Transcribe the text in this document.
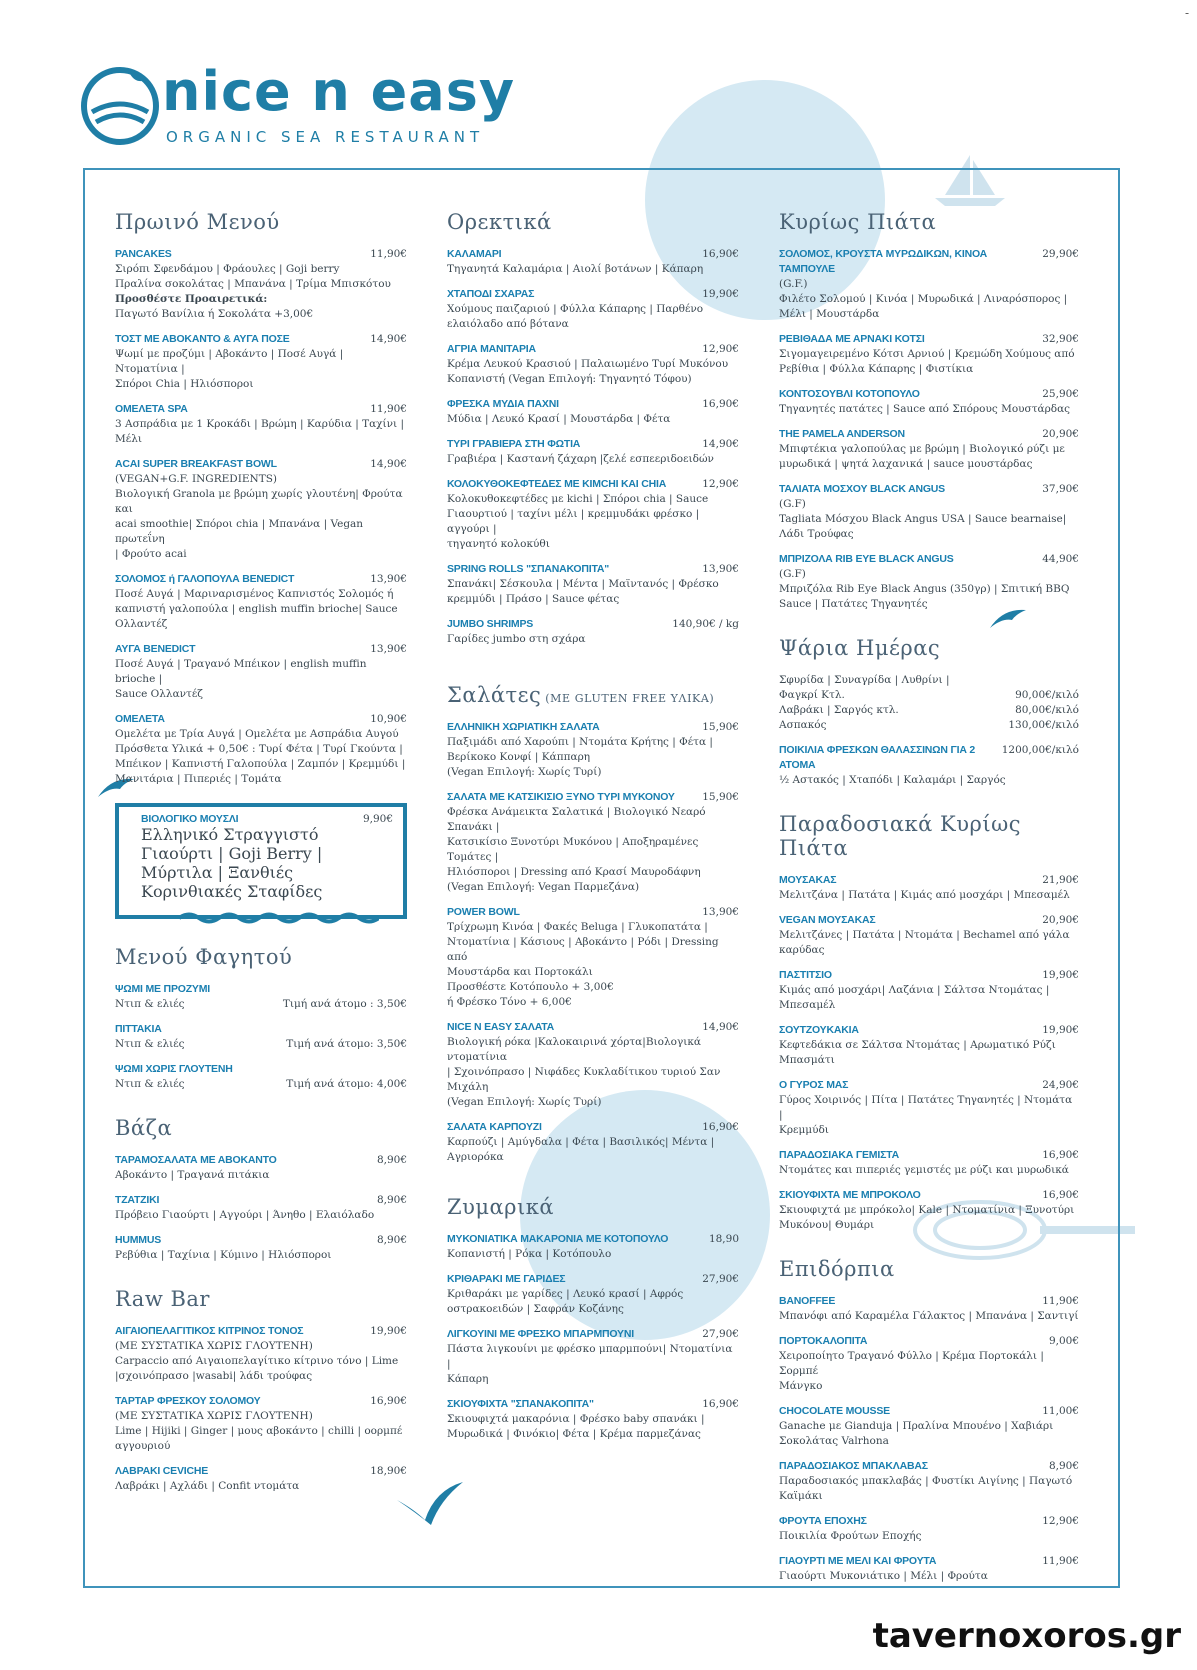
nice n easy
ORGANIC SEA RESTAURANT
Πρωινό Μενού
PANCAKES	11,90€
Σιρόπι Σφενδάμου | Φράουλες | Goji berry
Πραλίνα σοκολάτας | Μπανάνα | Τρίμα Μπισκότου
Προσθέστε Προαιρετικά:
Παγωτό Βανίλια ή Σοκολάτα +3,00€
ΤΟΣΤ ΜΕ ΑΒΟΚΑΝΤΟ & ΑΥΓΑ ΠΟΣΕ	14,90€
Ψωμί με προζύμι | Αβοκάντο | Ποσέ Αυγά | Ντοματίνια |
Σπόροι Chia | Ηλιόσποροι
ΟΜΕΛΕΤΑ SPA	11,90€
3 Ασπράδια με 1 Κροκάδι | Βρώμη | Καρύδια | Ταχίνι |
Μέλι
ACAI SUPER BREAKFAST BOWL	14,90€
(VEGAN+G.F. INGREDIENTS)
Βιολογική Granola με βρώμη χωρίς γλουτένη| Φρούτα και
acai smoothie| Σπόροι chia | Μπανάνα | Vegan πρωτεΐνη
| Φρούτο acai
ΣΟΛΟΜΟΣ ή ΓΑΛΟΠΟΥΛΑ BENEDICT	13,90€
Ποσέ Αυγά | Μαριναρισμένος Καπνιστός Σολομός ή
καπνιστή γαλοπούλα | english muffin brioche| Sauce
Ολλαντέζ
ΑΥΓΑ BENEDICT	13,90€
Ποσέ Αυγά | Τραγανό Μπέικον | english muffin brioche |
Sauce Ολλαντέζ
ΟΜΕΛΕΤΑ	10,90€
Ομελέτα με Τρία Αυγά | Ομελέτα με Ασπράδια Αυγού
Πρόσθετα Υλικά + 0,50€ : Τυρί Φέτα | Τυρί Γκούντα |
Μπέικον | Καπνιστή Γαλοπούλα | Ζαμπόν | Κρεμμύδι |
Μανιτάρια | Πιπεριές | Τομάτα
ΒΙΟΛΟΓΙΚΟ ΜΟΥΣΛΙ	9,90€
Ελληνικό Στραγγιστό Γιαούρτι | Goji Berry |
Μύρτιλα | Ξανθιές Κορινθιακές Σταφίδες
Μενού Φαγητού
ΨΩΜΙ ΜΕ ΠΡΟΖΥΜΙ
Ντιπ & ελιές	Τιμή ανά άτομο : 3,50€
ΠΙΤΤΑΚΙΑ
Ντιπ & ελιές	Τιμή ανά άτομο: 3,50€
ΨΩΜΙ ΧΩΡΙΣ ΓΛΟΥΤΕΝΗ
Ντιπ & ελιές	Τιμή ανά άτομο: 4,00€
Βάζα
ΤΑΡΑΜΟΣΑΛΑΤΑ ΜΕ ΑΒΟΚΑΝΤΟ	8,90€
Αβοκάντο | Τραγανά πιτάκια
ΤΖΑΤΖΙΚΙ	8,90€
Πρόβειο Γιαούρτι | Αγγούρι | Άνηθο | Ελαιόλαδο
HUMMUS	8,90€
Ρεβύθια | Ταχίνια | Κύμινο | Ηλιόσποροι
Raw Bar
ΑΙΓΑΙΟΠΕΛΑΓΙΤΙΚΟΣ ΚΙΤΡΙΝΟΣ ΤΟΝΟΣ	19,90€
(ΜΕ ΣΥΣΤΑΤΙΚΑ ΧΩΡΙΣ ΓΛΟΥΤΕΝΗ)
Carpaccio από Αιγαιοπελαγίτικο κίτρινο τόνο | Lime
|σχοινόπρασο |wasabi| λάδι τρούφας
ΤΑΡΤΑΡ ΦΡΕΣΚΟΥ ΣΟΛΟΜΟΥ	16,90€
(ΜΕ ΣΥΣΤΑΤΙΚΑ ΧΩΡΙΣ ΓΛΟΥΤΕΝΗ)
Lime | Hijiki | Ginger | μους αβοκάντο | chilli | οορμπέ
αγγουριού
ΛΑΒΡΑΚΙ CEVICHE	18,90€
Λαβράκι | Αχλάδι | Confit ντομάτα
Ορεκτικά
ΚΑΛΑΜΑΡΙ	16,90€
Τηγανητά Καλαμάρια | Αιολί βοτάνων | Κάπαρη
ΧΤΑΠΟΔΙ ΣΧΑΡΑΣ	19,90€
Χούμους παιζαριού | Φύλλα Κάπαρης | Παρθένο
ελαιόλαδο από βότανα
ΑΓΡΙΑ ΜΑΝΙΤΑΡΙΑ	12,90€
Κρέμα Λευκού Κρασιού | Παλαιωμένο Τυρί Μυκόνου
Κοπανιστή (Vegan Επιλογή: Τηγανητό Τόφου)
ΦΡΕΣΚΑ ΜΥΔΙΑ ΠΑΧΝΙ	16,90€
Μύδια | Λευκό Κρασί | Μουστάρδα | Φέτα
ΤΥΡΙ ΓΡΑΒΙΕΡΑ ΣΤΗ ΦΩΤΙΑ	14,90€
Γραβιέρα | Καστανή ζάχαρη |ζελέ εσπεεριδοειδών
ΚΟΛΟΚΥΘΟΚΕΦΤΕΔΕΣ ΜΕ KIMCHI ΚΑΙ CHIA	12,90€
Κολοκυθοκεφτέδες με kichi | Σπόροι chia | Sauce
Γιαουρτιού | ταχίνι μέλι | κρεμμυδάκι φρέσκο | αγγούρι |
τηγανητό κολοκύθι
SPRING ROLLS "ΣΠΑΝΑΚΟΠΙΤΑ"	13,90€
Σπανάκι| Σέσκουλα | Μέντα | Μαϊντανός | Φρέσκο
κρεμμύδι | Πράσο | Sauce φέτας
JUMBO SHRIMPS	140,90€ / kg
Γαρίδες jumbo στη σχάρα
Σαλάτες (ΜΕ GLUTEN FREE ΥΛΙΚΑ)
ΕΛΛΗΝΙΚΗ ΧΩΡΙΑΤΙΚΗ ΣΑΛΑΤΑ	15,90€
Παξιμάδι από Χαρούπι | Ντομάτα Κρήτης | Φέτα |
Βερίκοκο Κονφί | Κάππαρη
(Vegan Επιλογή: Χωρίς Τυρί)
ΣΑΛΑΤΑ ΜΕ ΚΑΤΣΙΚΙΣΙΟ ΞΥΝΟ ΤΥΡΙ ΜΥΚΟΝΟΥ	15,90€
Φρέσκα Ανάμεικτα Σαλατικά | Βιολογικό Νεαρό Σπανάκι |
Κατσικίσιο Ξυνοτύρι Μυκόνου | Αποξηραμένες Τομάτες |
Ηλιόσποροι | Dressing από Κρασί Μαυροδάφνη
(Vegan Επιλογή: Vegan Παρμεζάνα)
POWER BOWL	13,90€
Τρίχρωμη Κινόα | Φακές Beluga | Γλυκοπατάτα |
Ντοματίνια | Κάσιους | Αβοκάντο | Ρόδι | Dressing από
Μουστάρδα και Πορτοκάλι
Προσθέστε Κοτόπουλο + 3,00€
ή Φρέσκο Τόνο + 6,00€
NICE N EASY ΣΑΛΑΤΑ	14,90€
Βιολογική ρόκα |Καλοκαιρινά χόρτα|Βιολογικά ντοματίνια
| Σχοινόπρασο | Νιφάδες Κυκλαδίτικου τυριού Σαν
Μιχάλη
(Vegan Επιλογή: Χωρίς Τυρί)
ΣΑΛΑΤΑ ΚΑΡΠΟΥΖΙ	16,90€
Καρπούζι | Αμύγδαλα | Φέτα | Βασιλικός| Μέντα |
Αγριορόκα
Ζυμαρικά
ΜΥΚΟΝΙΑΤΙΚΑ ΜΑΚΑΡΟΝΙΑ ΜΕ ΚΟΤΟΠΟΥΛΟ	18,90
Κοπανιστή | Ρόκα | Κοτόπουλο
ΚΡΙΘΑΡΑΚΙ ΜΕ ΓΑΡΙΔΕΣ	27,90€
Κριθαράκι με γαρίδες | Λευκό κρασί | Αφρός
οστρακοειδών | Σαφράν Κοζάνης
ΛΙΓΚΟΥΙΝΙ ΜΕ ΦΡΕΣΚΟ ΜΠΑΡΜΠΟΥΝΙ	27,90€
Πάστα λιγκουίνι με φρέσκο μπαρμπούνι| Ντοματίνια |
Κάπαρη
ΣΚΙΟΥΦΙΧΤΑ "ΣΠΑΝΑΚΟΠΙΤΑ"	16,90€
Σκιουφιχτά μακαρόνια | Φρέσκο baby σπανάκι |
Μυρωδικά | Φινόκιο| Φέτα | Κρέμα παρμεζάνας
Κυρίως Πιάτα
ΣΟΛΟΜΟΣ, ΚΡΟΥΣΤΑ ΜΥΡΩΔΙΚΩΝ, ΚΙΝΟΑ ΤΑΜΠΟΥΛΕ
29,90€
(G.F.)
Φιλέτο Σολομού | Κινόα | Μυρωδικά | Λιναρόσπορος |
Μέλι | Μουστάρδα
ΡΕΒΙΘΑΔΑ ΜΕ ΑΡΝΑΚΙ ΚΟΤΣΙ	32,90€
Σιγομαγειρεμένο Κότσι Αρνιού | Κρεμώδη Χούμους από
Ρεβίθια | Φύλλα Κάπαρης | Φιστίκια
ΚΟΝΤΟΣΟΥΒΛΙ ΚΟΤΟΠΟΥΛΟ	25,90€
Τηγανητές πατάτες | Sauce από Σπόρους Μουστάρδας
THE PAMELA ANDERSON	20,90€
Μπιφτέκια γαλοπούλας με βρώμη | Βιολογικό ρύζι με
μυρωδικά | ψητά λαχανικά | sauce μουστάρδας
ΤΑΛΙΑΤΑ ΜΟΣΧΟΥ BLACK ANGUS	37,90€
(G.F)
Tagliata Μόσχου Black Angus USA | Sauce bearnaise|
Λάδι Τρούφας
ΜΠΡΙΖΟΛΑ RIB EYE BLACK ANGUS	44,90€
(G.F)
Μπριζόλα Rib Eye Black Angus (350γρ) | Σπιτική BBQ
Sauce | Πατάτες Τηγανητές
Ψάρια Ημέρας
Σφυρίδα | Συναγρίδα | Λυθρίνι |
Φαγκρί Κτλ.	90,00€/κιλό
Λαβράκι | Σαργός κτλ.	80,00€/κιλό
Ασπακός	130,00€/κιλό
ΠΟΙΚΙΛΙΑ ΦΡΕΣΚΩΝ ΘΑΛΑΣΣΙΝΩΝ ΓΙΑ 2 ΑΤΟΜΑ
1200,00€/κιλό
½ Αστακός | Χταπόδι | Καλαμάρι | Σαργός
Παραδοσιακά Κυρίως Πιάτα
ΜΟΥΣΑΚΑΣ	21,90€
Μελιτζάνα | Πατάτα | Κιμάς από μοσχάρι | Μπεσαμέλ
VEGAN ΜΟΥΣΑΚΑΣ	20,90€
Μελιτζάνες | Πατάτα | Ντομάτα | Bechamel από γάλα
καρύδας
ΠΑΣΤΙΤΣΙΟ	19,90€
Κιμάς από μοσχάρι| Λαζάνια | Σάλτσα Ντομάτας |
Μπεσαμέλ
ΣΟΥΤΖΟΥΚΑΚΙΑ	19,90€
Κεφτεδάκια σε Σάλτσα Ντομάτας | Αρωματικό Ρύζι
Μπασμάτι
Ο ΓΥΡΟΣ ΜΑΣ	24,90€
Γύρος Χοιρινός | Πίτα | Πατάτες Τηγανητές | Ντομάτα |
Κρεμμύδι
ΠΑΡΑΔΟΣΙΑΚΑ ΓΕΜΙΣΤΑ	16,90€
Ντομάτες και πιπεριές γεμιστές με ρύζι και μυρωδικά
ΣΚΙΟΥΦΙΧΤΑ ΜΕ ΜΠΡΟΚΟΛΟ	16,90€
Σκιουφιχτά με μπρόκολο| Kale | Ντοματίνια | Ξυνοτύρι
Μυκόνου| Θυμάρι
Επιδόρπια
BANOFFEE	11,90€
Μπανόφι από Καραμέλα Γάλακτος | Μπανάνα | Σαντιγί
ΠΟΡΤΟΚΑΛΟΠΙΤΑ	9,00€
Χειροποίητο Τραγανό Φύλλο | Κρέμα Πορτοκάλι | Σορμπέ
Μάνγκο
CHOCOLATE MOUSSE	11,00€
Ganache με Gianduja | Πραλίνα Μπουένο | Χαβιάρι
Σοκολάτας Valrhona
ΠΑΡΑΔΟΣΙΑΚΟΣ ΜΠΑΚΛΑΒΑΣ	8,90€
Παραδοσιακός μπακλαβάς | Φυστίκι Αιγίνης | Παγωτό
Καϊμάκι
ΦΡΟΥΤΑ ΕΠΟΧΗΣ	12,90€
Ποικιλία Φρούτων Εποχής
ΓΙΑΟΥΡΤΙ ΜΕ ΜΕΛΙ ΚΑΙ ΦΡΟΥΤΑ	11,90€
Γιαούρτι Μυκονιάτικο | Μέλι | Φρούτα
-
tavernoxoros.gr
